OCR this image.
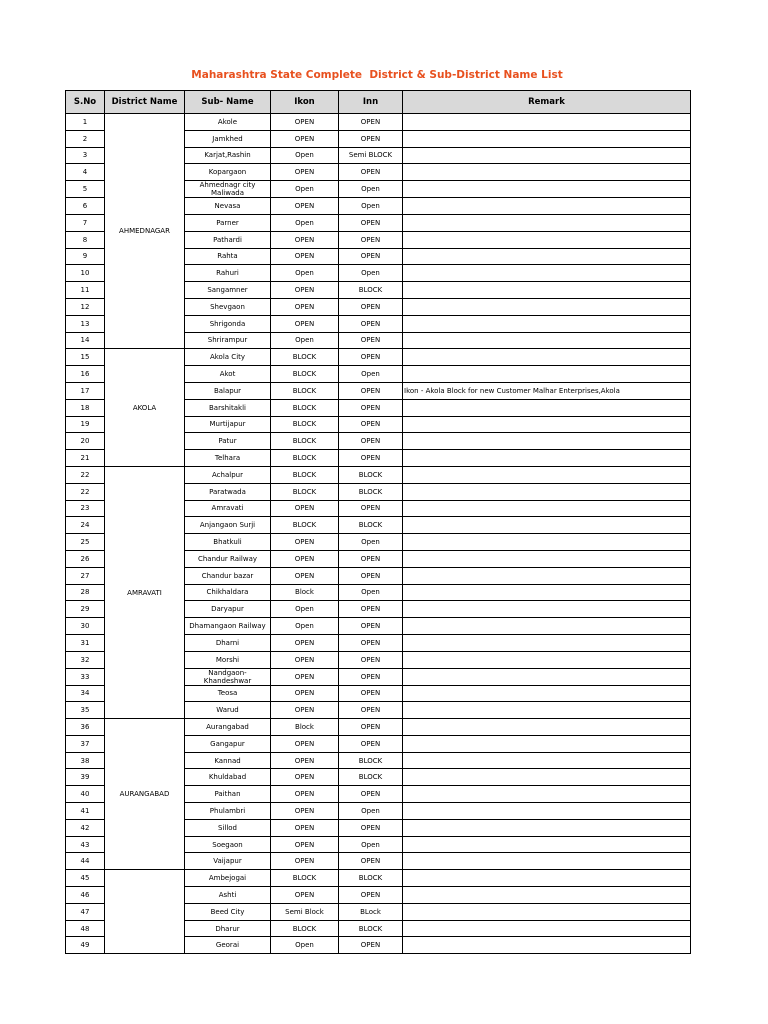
Maharashtra State Complete  District & Sub-District Name List
S.No	District Name	Sub- Name	Ikon	Inn	Remark
1	AHMEDNAGAR	Akole	OPEN	OPEN	
2		Jamkhed	OPEN	OPEN	
3		Karjat,Rashin	Open	Semi BLOCK	
4		Kopargaon	OPEN	OPEN	
5		Ahmednagr city Maliwada	Open	Open	
6		Nevasa	OPEN	Open	
7		Parner	Open	OPEN	
8		Pathardi	OPEN	OPEN	
9		Rahta	OPEN	OPEN	
10		Rahuri	Open	Open	
11		Sangamner	OPEN	BLOCK	
12		Shevgaon	OPEN	OPEN	
13		Shrigonda	OPEN	OPEN	
14		Shrirampur	Open	OPEN	
15	AKOLA	Akola City	BLOCK	OPEN	
16		Akot	BLOCK	Open	
17		Balapur	BLOCK	OPEN	Ikon - Akola Block for new Customer Malhar Enterprises,Akola
18		Barshitakli	BLOCK	OPEN	
19		Murtijapur	BLOCK	OPEN	
20		Patur	BLOCK	OPEN	
21		Telhara	BLOCK	OPEN	
22	AMRAVATI	Achalpur	BLOCK	BLOCK	
22		Paratwada	BLOCK	BLOCK	
23		Amravati	OPEN	OPEN	
24		Anjangaon Surji	BLOCK	BLOCK	
25		Bhatkuli	OPEN	Open	
26		Chandur Railway	OPEN	OPEN	
27		Chandur bazar	OPEN	OPEN	
28		Chikhaldara	Block	Open	
29		Daryapur	Open	OPEN	
30		Dhamangaon Railway	Open	OPEN	
31		Dharni	OPEN	OPEN	
32		Morshi	OPEN	OPEN	
33		Nandgaon-Khandeshwar	OPEN	OPEN	
34		Teosa	OPEN	OPEN	
35		Warud	OPEN	OPEN	
36	AURANGABAD	Aurangabad	Block	OPEN	
37		Gangapur	OPEN	OPEN	
38		Kannad	OPEN	BLOCK	
39		Khuldabad	OPEN	BLOCK	
40		Paithan	OPEN	OPEN	
41		Phulambri	OPEN	Open	
42		Sillod	OPEN	OPEN	
43		Soegaon	OPEN	Open	
44		Vaijapur	OPEN	OPEN	
45		Ambejogai	BLOCK	BLOCK	
46		Ashti	OPEN	OPEN	
47		Beed City	Semi Block	BLock	
48		Dharur	BLOCK	BLOCK	
49		Georai	Open	OPEN	
